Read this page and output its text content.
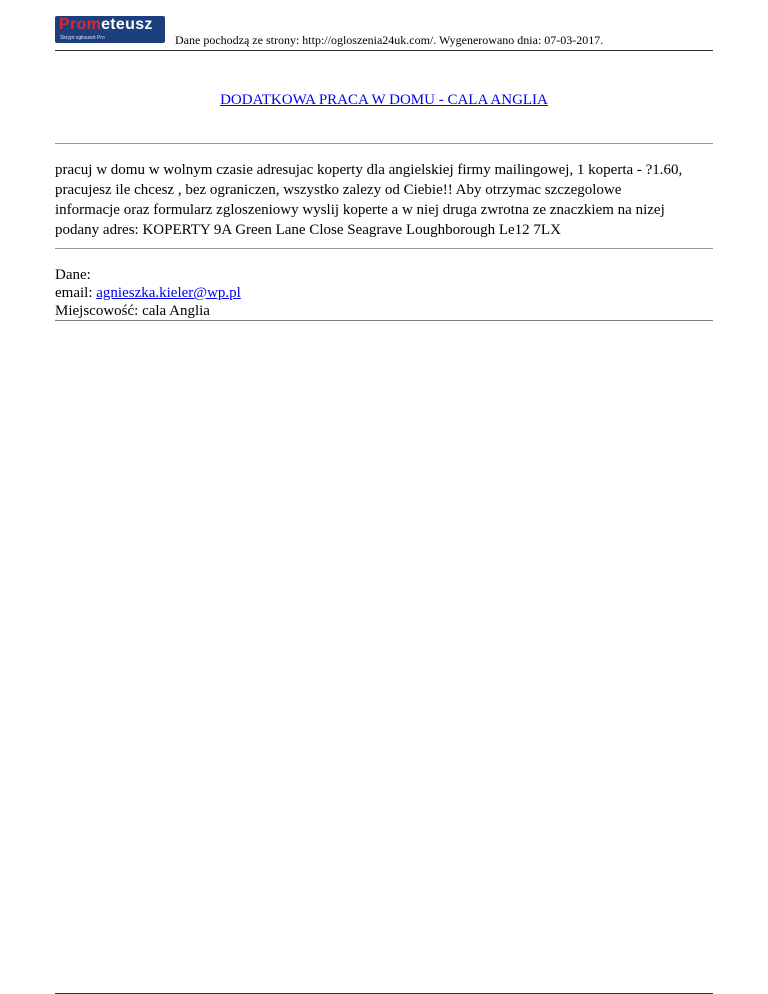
Prometeusz
Skrypt ogłoszeń Pro	Dane pochodzą ze strony: http://ogloszenia24uk.com/. Wygenerowano dnia: 07-03-2017.
DODATKOWA PRACA W DOMU - CALA ANGLIA

pracuj w domu w wolnym czasie adresujac koperty dla angielskiej firmy mailingowej, 1 koperta - ?1.60,

pracujesz ile chcesz , bez ograniczen, wszystko zalezy od Ciebie!! Aby otrzymac szczegolowe

informacje oraz formularz zgloszeniowy wyslij koperte a w niej druga zwrotna ze znaczkiem na nizej

podany adres: KOPERTY 9A Green Lane Close Seagrave Loughborough Le12 7LX

Dane:
email: agnieszka.kieler@wp.pl
Miejscowość: cala Anglia
